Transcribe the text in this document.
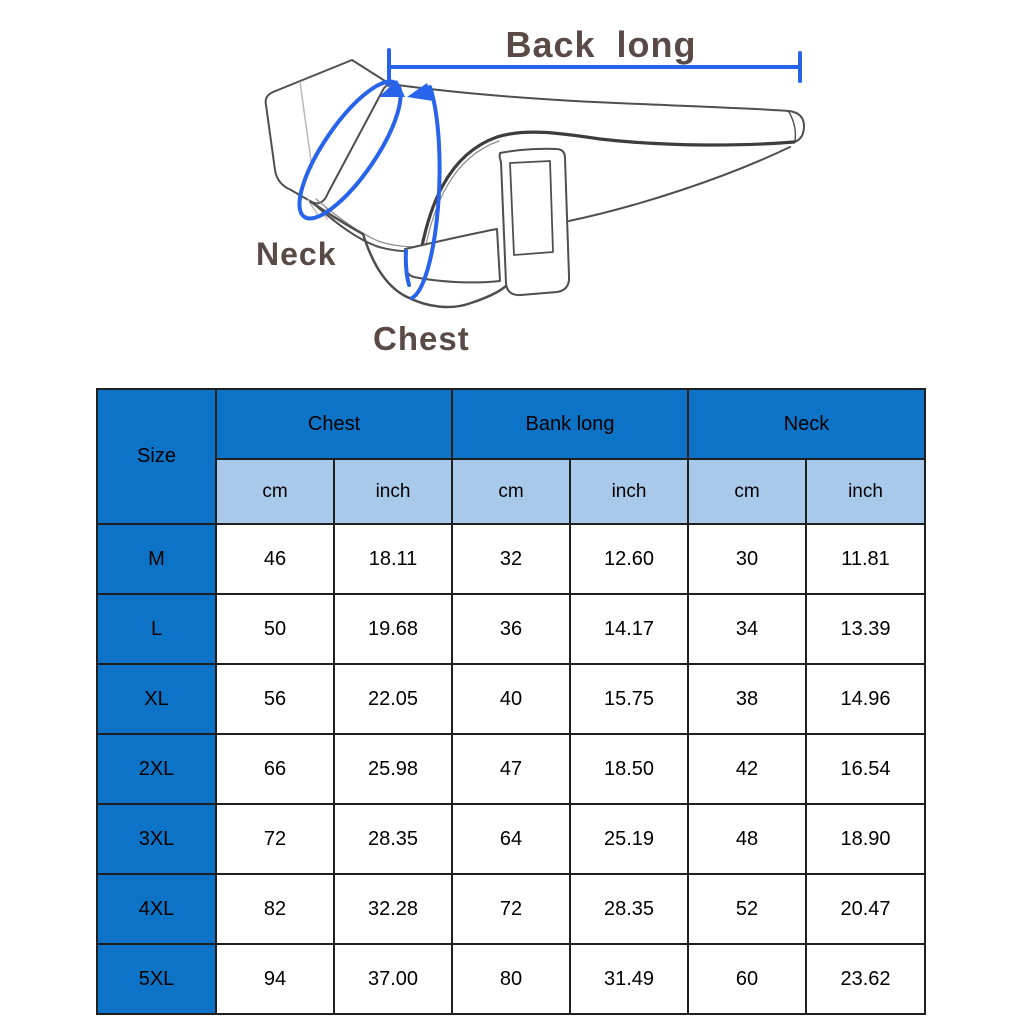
Back long
Neck
Chest
Size	Chest		Bank long		Neck	
	cm	inch	cm	inch	cm	inch
M	46	18.11	32	12.60	30	11.81
L	50	19.68	36	14.17	34	13.39
XL	56	22.05	40	15.75	38	14.96
2XL	66	25.98	47	18.50	42	16.54
3XL	72	28.35	64	25.19	48	18.90
4XL	82	32.28	72	28.35	52	20.47
5XL	94	37.00	80	31.49	60	23.62
